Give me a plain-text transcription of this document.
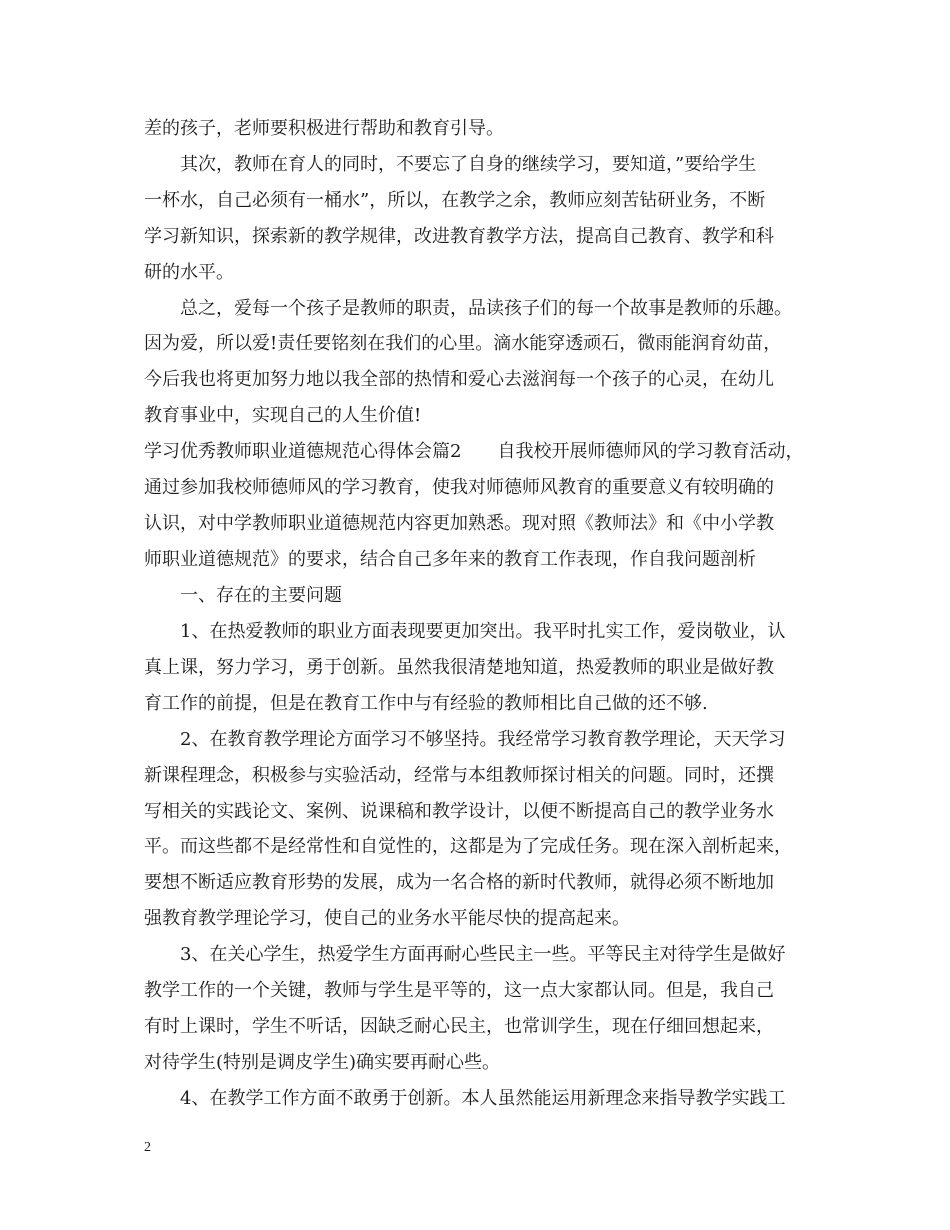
差的孩子，老师要积极进行帮助和教育引导。
其次，教师在育人的同时，不要忘了自身的继续学习，要知道，”要给学生
一杯水，自己必须有一桶水”，所以，在教学之余，教师应刻苦钻研业务，不断
学习新知识，探索新的教学规律，改进教育教学方法，提高自己教育、教学和科
研的水平。
总之，爱每一个孩子是教师的职责，品读孩子们的每一个故事是教师的乐趣。
因为爱，所以爱!责任要铭刻在我们的心里。滴水能穿透顽石，微雨能润育幼苗，
今后我也将更加努力地以我全部的热情和爱心去滋润每一个孩子的心灵，在幼儿
教育事业中，实现自己的人生价值!
学习优秀教师职业道德规范心得体会篇2　　自我校开展师德师风的学习教育活动，
通过参加我校师德师风的学习教育，使我对师德师风教育的重要意义有较明确的
认识，对中学教师职业道德规范内容更加熟悉。现对照《教师法》和《中小学教
师职业道德规范》的要求，结合自己多年来的教育工作表现，作自我问题剖析
一、存在的主要问题
1、在热爱教师的职业方面表现要更加突出。我平时扎实工作，爱岗敬业，认
真上课，努力学习，勇于创新。虽然我很清楚地知道，热爱教师的职业是做好教
育工作的前提，但是在教育工作中与有经验的教师相比自己做的还不够.
2、在教育教学理论方面学习不够坚持。我经常学习教育教学理论，天天学习
新课程理念，积极参与实验活动，经常与本组教师探讨相关的问题。同时，还撰
写相关的实践论文、案例、说课稿和教学设计，以便不断提高自己的教学业务水
平。而这些都不是经常性和自觉性的，这都是为了完成任务。现在深入剖析起来，
要想不断适应教育形势的发展，成为一名合格的新时代教师，就得必须不断地加
强教育教学理论学习，使自己的业务水平能尽快的提高起来。
3、在关心学生，热爱学生方面再耐心些民主一些。平等民主对待学生是做好
教学工作的一个关键，教师与学生是平等的，这一点大家都认同。但是，我自己
有时上课时，学生不听话，因缺乏耐心民主，也常训学生，现在仔细回想起来，
对待学生(特别是调皮学生)确实要再耐心些。
4、在教学工作方面不敢勇于创新。本人虽然能运用新理念来指导教学实践工
2
